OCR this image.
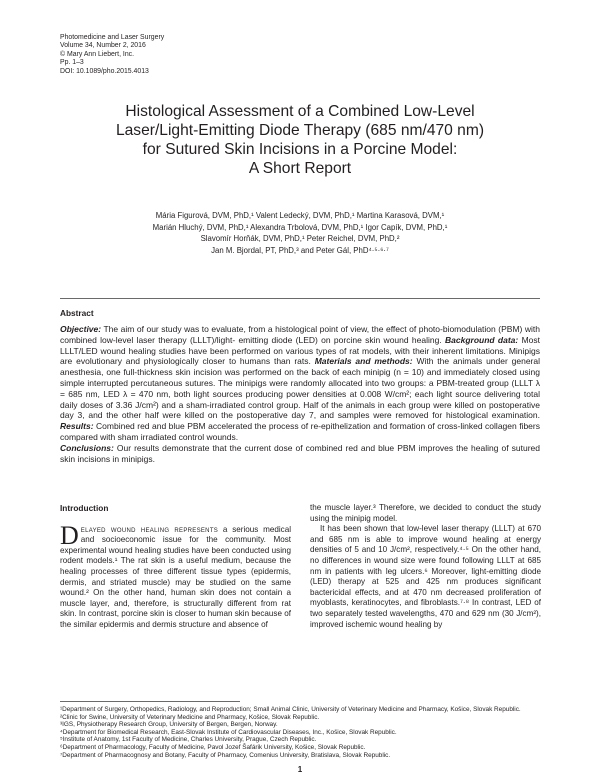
Photomedicine and Laser Surgery
Volume 34, Number 2, 2016
© Mary Ann Liebert, Inc.
Pp. 1–3
DOI: 10.1089/pho.2015.4013
Histological Assessment of a Combined Low-Level
Laser/Light-Emitting Diode Therapy (685 nm/470 nm)
for Sutured Skin Incisions in a Porcine Model:
A Short Report
Mária Figurová, DVM, PhD,¹ Valent Ledecký, DVM, PhD,¹ Martina Karasová, DVM,¹
Marián Hluchý, DVM, PhD,¹ Alexandra Trbolová, DVM, PhD,¹ Igor Capík, DVM, PhD,¹
Slavomír Horňák, DVM, PhD,¹ Peter Reichel, DVM, PhD,²
Jan M. Bjordal, PT, PhD,³ and Peter Gál, PhD⁴·⁵·⁶·⁷
Abstract

Objective: The aim of our study was to evaluate, from a histological point of view, the effect of photo-biomodulation (PBM) with combined low-level laser therapy (LLLT)/light- emitting diode (LED) on porcine skin wound healing. Background data: Most LLLT/LED wound healing studies have been performed on various types of rat models, with their inherent limitations. Minipigs are evolutionary and physiologically closer to humans than rats. Materials and methods: With the animals under general anesthesia, one full-thickness skin incision was performed on the back of each minipig (n = 10) and immediately closed using simple interrupted percutaneous sutures. The minipigs were randomly allocated into two groups: a PBM-treated group (LLLT λ = 685 nm, LED λ = 470 nm, both light sources producing power densities at 0.008 W/cm²; each light source delivering total daily doses of 3.36 J/cm²) and a sham-irradiated control group. Half of the animals in each group were killed on postoperative day 3, and the other half were killed on the postoperative day 7, and samples were removed for histological examination. Results: Combined red and blue PBM accelerated the process of re-epithelization and formation of cross-linked collagen fibers compared with sham irradiated control wounds.

Conclusions: Our results demonstrate that the current dose of combined red and blue PBM improves the healing of sutured skin incisions in minipigs.

Introduction

Delayed wound healing represents a serious medical and socioeconomic issue for the community. Most experimental wound healing studies have been conducted using rodent models.¹ The rat skin is a useful medium, because the healing processes of three different tissue types (epidermis, dermis, and striated muscle) may be studied on the same wound.² On the other hand, human skin does not contain a muscle layer, and, therefore, is structurally different from rat skin. In contrast, porcine skin is closer to human skin because of the similar epidermis and dermis structure and absence of

the muscle layer.³ Therefore, we decided to conduct the study using the minipig model.

It has been shown that low-level laser therapy (LLLT) at 670 and 685 nm is able to improve wound healing at energy densities of 5 and 10 J/cm², respectively.⁴·⁵ On the other hand, no differences in wound size were found following LLLT at 685 nm in patients with leg ulcers.⁶ Moreover, light-emitting diode (LED) therapy at 525 and 425 nm produces significant bactericidal effects, and at 470 nm decreased proliferation of myoblasts, keratinocytes, and fibroblasts.⁷·⁸ In contrast, LED of two separately tested wavelengths, 470 and 629 nm (30 J/cm²), improved ischemic wound healing by

¹Department of Surgery, Orthopedics, Radiology, and Reproduction; Small Animal Clinic, University of Veterinary Medicine and Pharmacy, Košice, Slovak Republic.

²Clinic for Swine, University of Veterinary Medicine and Pharmacy, Košice, Slovak Republic.

³IGS, Physiotherapy Research Group, University of Bergen, Bergen, Norway.

⁴Department for Biomedical Research, East-Slovak Institute of Cardiovascular Diseases, Inc., Košice, Slovak Republic.

⁵Institute of Anatomy, 1st Faculty of Medicine, Charles University, Prague, Czech Republic.

⁶Department of Pharmacology, Faculty of Medicine, Pavol Jozef Šafárik University, Košice, Slovak Republic.

⁷Department of Pharmacognosy and Botany, Faculty of Pharmacy, Comenius University, Bratislava, Slovak Republic.

1
